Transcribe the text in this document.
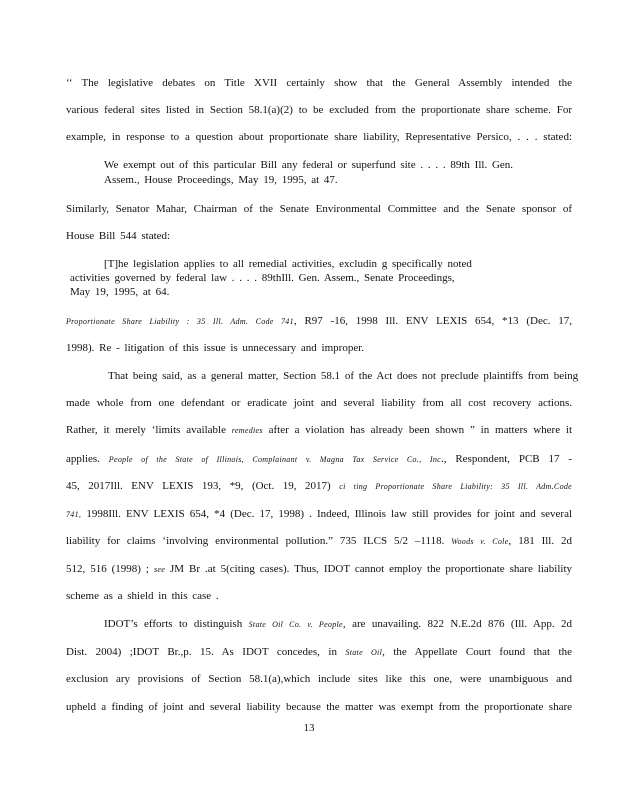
‘‘ The legislative debates on Title XVII certainly show that the General Assembly intended the
various federal sites listed in Section 58.1(a)(2) to be excluded from the proportionate share scheme. For
example, in response to a question about proportionate share liability, Representative Persico, . . . stated:
We exempt out of this particular Bill any federal or superfund site . . . . 89th Ill. Gen.
Assem., House Proceedings, May 19, 1995, at 47.
Similarly, Senator Mahar, Chairman of the Senate Environmental Committee and the Senate sponsor of
House Bill 544 stated:
[T]he legislation applies to all remedial activities, excludin g specifically noted
activities governed by federal law . . . . 89thIll. Gen. Assem., Senate Proceedings,
May 19, 1995, at 64.
Proportionate Share Liability : 35 Ill. Adm. Code 741, R97 -16, 1998 Ill. ENV LEXIS 654, *13 (Dec. 17,
1998). Re - litigation of this issue is unnecessary and improper.
That being said, as a general matter, Section 58.1 of the Act does not preclude plaintiffs from being
made whole from one defendant or eradicate joint and several liability from all cost recovery actions.
Rather, it merely ‘limits available remedies after a violation has already been shown ” in matters where it
applies. People of the State of Illinois, Complainant v. Magna Tax Service Co., Inc., Respondent, PCB 17 -
45, 2017Ill. ENV LEXIS 193, *9, (Oct. 19, 2017) ci ting Proportionate Share Liability: 35 Ill. Adm.Code
741, 1998Ill. ENV LEXIS 654, *4 (Dec. 17, 1998) . Indeed, Illinois law still provides for joint and several
liability for claims ‘involving environmental pollution.” 735 ILCS 5/2 –1118. Woods v. Cole, 181 Ill. 2d
512, 516 (1998) ; see JM Br .at 5(citing cases). Thus, IDOT cannot employ the proportionate share liability
scheme as a shield in this case .
IDOT’s efforts to distinguish State Oil Co. v. People, are unavailing. 822 N.E.2d 876 (Ill. App. 2d
Dist. 2004) ;IDOT Br.,p. 15. As IDOT concedes, in State Oil, the Appellate Court found that the
exclusion ary provisions of Section 58.1(a),which include sites like this one, were unambiguous and
upheld a finding of joint and several liability because the matter was exempt from the proportionate share
13
